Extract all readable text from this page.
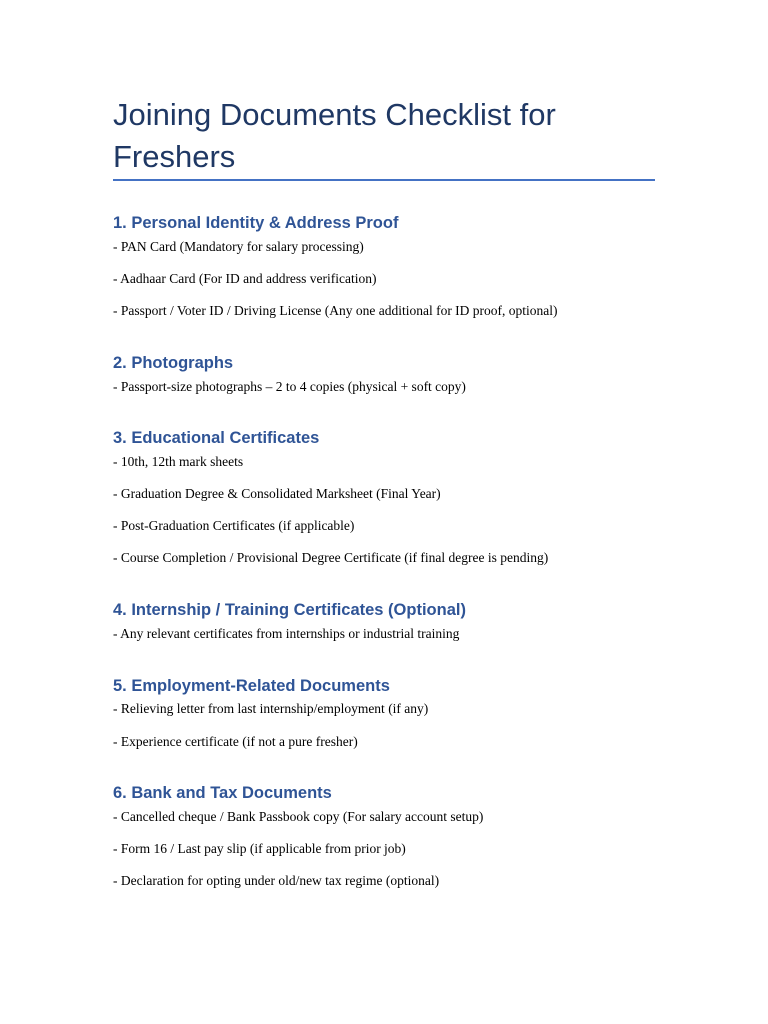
Joining Documents Checklist for Freshers
1. Personal Identity & Address Proof

- PAN Card (Mandatory for salary processing)

- Aadhaar Card (For ID and address verification)

- Passport / Voter ID / Driving License (Any one additional for ID proof, optional)

2. Photographs

- Passport-size photographs – 2 to 4 copies (physical + soft copy)

3. Educational Certificates

- 10th, 12th mark sheets

- Graduation Degree & Consolidated Marksheet (Final Year)

- Post-Graduation Certificates (if applicable)

- Course Completion / Provisional Degree Certificate (if final degree is pending)

4. Internship / Training Certificates (Optional)

- Any relevant certificates from internships or industrial training

5. Employment-Related Documents

- Relieving letter from last internship/employment (if any)

- Experience certificate (if not a pure fresher)

6. Bank and Tax Documents

- Cancelled cheque / Bank Passbook copy (For salary account setup)

- Form 16 / Last pay slip (if applicable from prior job)

- Declaration for opting under old/new tax regime (optional)
